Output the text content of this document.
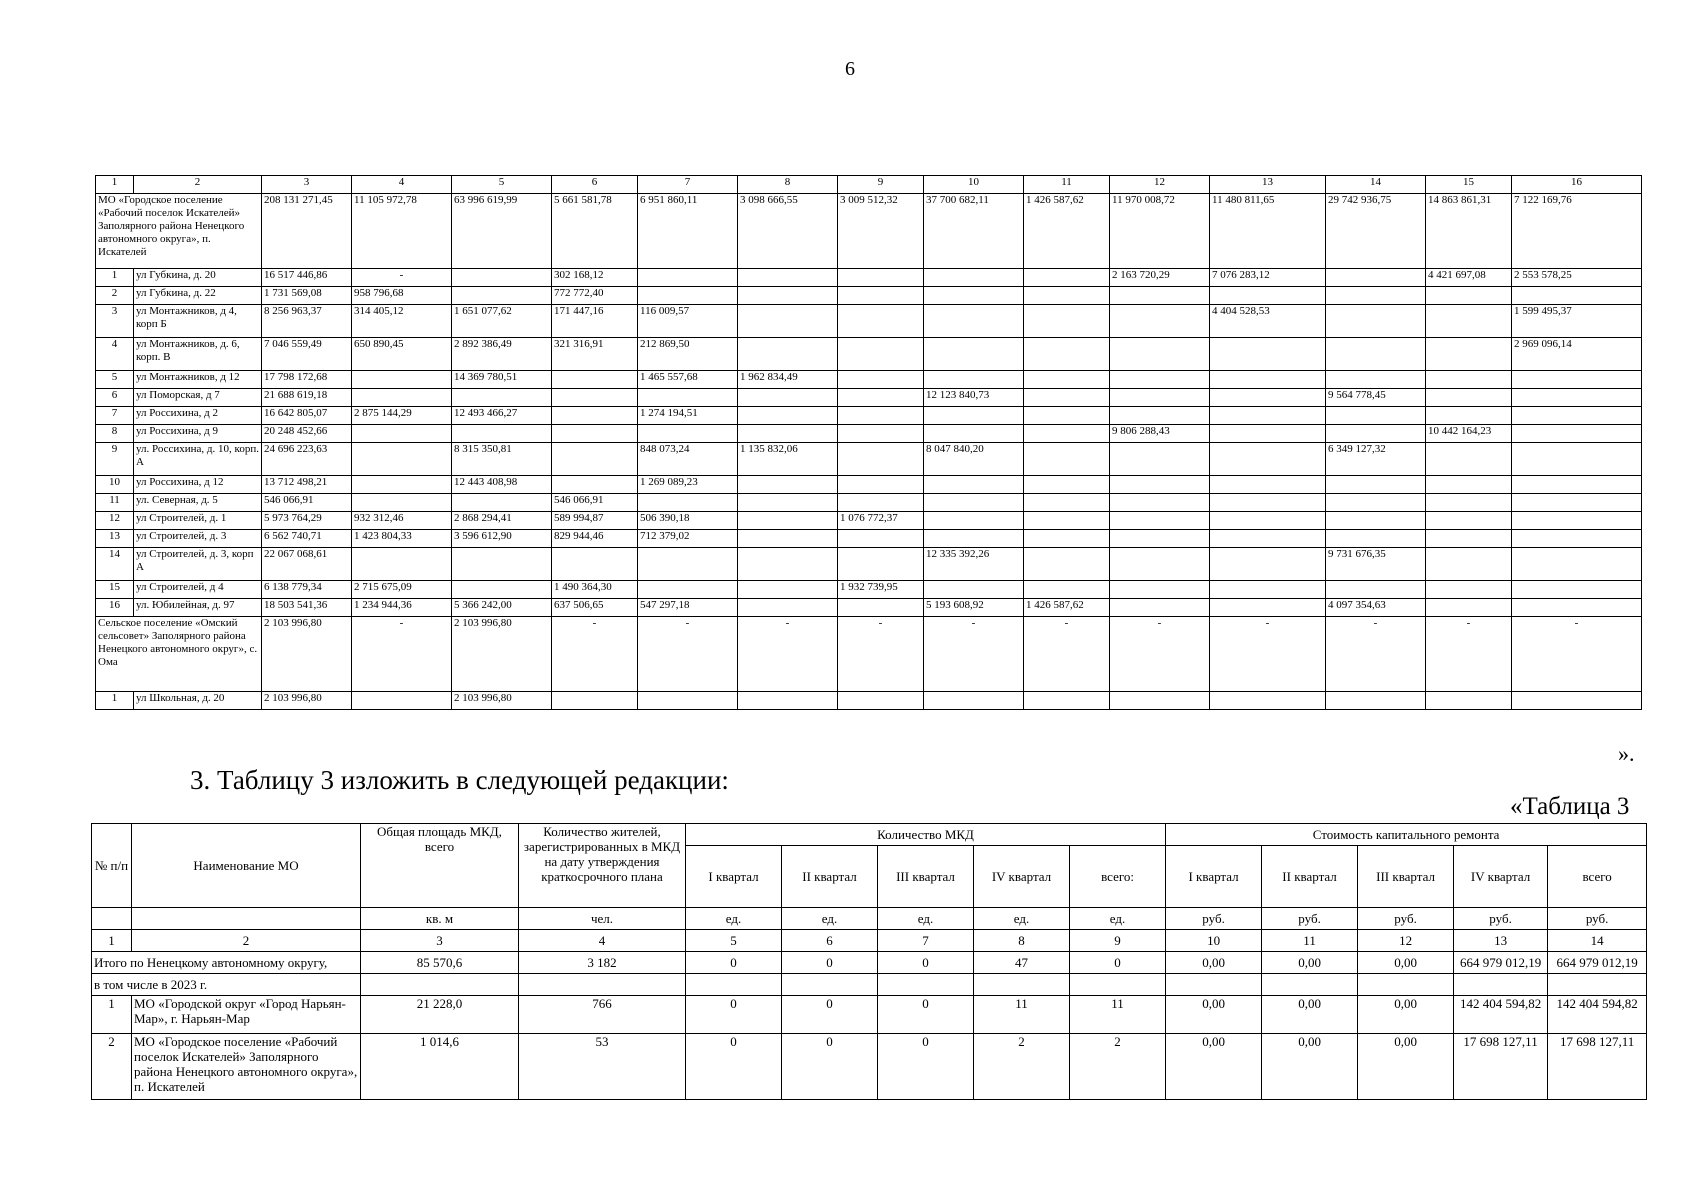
6
1	2	3	4	5	6	7	8	9	10	11	12	13	14	15	16
МО «Городское поселение «Рабочий поселок Искателей» Заполярного района Ненецкого автономного округа», п. Искателей		208 131 271,45	11 105 972,78	63 996 619,99	5 661 581,78	6 951 860,11	3 098 666,55	3 009 512,32	37 700 682,11	1 426 587,62	11 970 008,72	11 480 811,65	29 742 936,75	14 863 861,31	7 122 169,76
1	ул Губкина, д. 20	16 517 446,86	-		302 168,12						2 163 720,29	7 076 283,12		4 421 697,08	2 553 578,25
2	ул Губкина, д. 22	1 731 569,08	958 796,68		772 772,40										
3	ул Монтажников, д 4, корп Б	8 256 963,37	314 405,12	1 651 077,62	171 447,16	116 009,57						4 404 528,53			1 599 495,37
4	ул Монтажников, д. 6, корп. В	7 046 559,49	650 890,45	2 892 386,49	321 316,91	212 869,50									2 969 096,14
5	ул Монтажников, д 12	17 798 172,68		14 369 780,51		1 465 557,68	1 962 834,49								
6	ул Поморская, д 7	21 688 619,18							12 123 840,73				9 564 778,45		
7	ул Россихина, д 2	16 642 805,07	2 875 144,29	12 493 466,27		1 274 194,51									
8	ул Россихина, д 9	20 248 452,66									9 806 288,43			10 442 164,23	
9	ул. Россихина, д. 10, корп. А	24 696 223,63		8 315 350,81		848 073,24	1 135 832,06		8 047 840,20				6 349 127,32		
10	ул Россихина, д 12	13 712 498,21		12 443 408,98		1 269 089,23									
11	ул. Северная, д. 5	546 066,91			546 066,91										
12	ул Строителей, д. 1	5 973 764,29	932 312,46	2 868 294,41	589 994,87	506 390,18		1 076 772,37							
13	ул Строителей, д. 3	6 562 740,71	1 423 804,33	3 596 612,90	829 944,46	712 379,02									
14	ул Строителей, д. 3, корп А	22 067 068,61							12 335 392,26				9 731 676,35		
15	ул Строителей, д 4	6 138 779,34	2 715 675,09		1 490 364,30			1 932 739,95							
16	ул. Юбилейная, д. 97	18 503 541,36	1 234 944,36	5 366 242,00	637 506,65	547 297,18			5 193 608,92	1 426 587,62			4 097 354,63		
Сельское поселение «Омский сельсовет» Заполярного района Ненецкого автономного округ», с. Ома		2 103 996,80	-	2 103 996,80	-	-	-	-	-	-	-	-	-	-	-
1	ул Школьная, д. 20	2 103 996,80		2 103 996,80											
».
3. Таблицу 3 изложить в следующей редакции:
«Таблица 3
№ п/п	Наименование МО	Общая площадь МКД, всего	Количество жителей, зарегистрированных в МКД на дату утверждения краткосрочного плана	Количество МКД					Стоимость капитального ремонта				
				I квартал	II квартал	III квартал	IV квартал	всего:	I квартал	II квартал	III квартал	IV квартал	всего
		кв. м	чел.	ед.	ед.	ед.	ед.	ед.	руб.	руб.	руб.	руб.	руб.
1	2	3	4	5	6	7	8	9	10	11	12	13	14
Итого по Ненецкому автономному округу,		85 570,6	3 182	0	0	0	47	0	0,00	0,00	0,00	664 979 012,19	664 979 012,19
в том числе в 2023 г.													
1	МО «Городской округ «Город Нарьян-Мар», г. Нарьян-Мар	21 228,0	766	0	0	0	11	11	0,00	0,00	0,00	142 404 594,82	142 404 594,82
2	МО «Городское поселение «Рабочий поселок Искателей» Заполярного района Ненецкого автономного округа», п. Искателей	1 014,6	53	0	0	0	2	2	0,00	0,00	0,00	17 698 127,11	17 698 127,11
